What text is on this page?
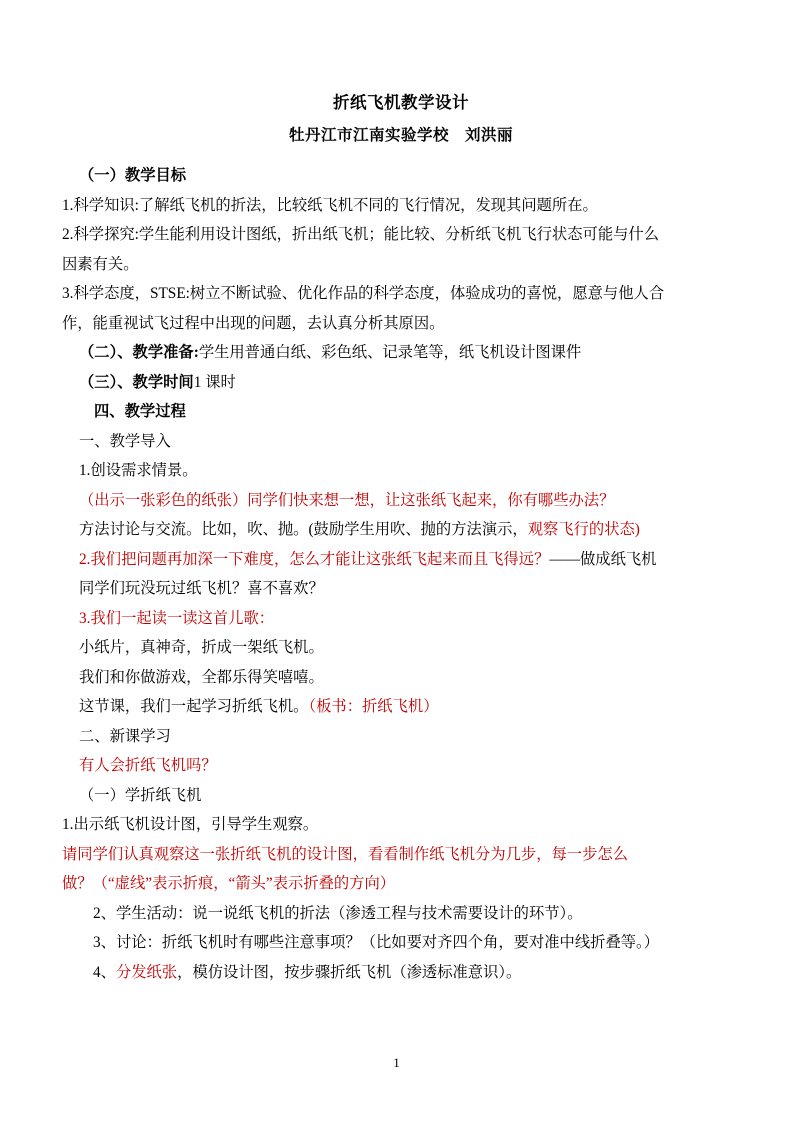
折纸飞机教学设计
牡丹江市江南实验学校　刘洪丽

（一）教学目标

1.科学知识:了解纸飞机的折法，比较纸飞机不同的飞行情况，发现其问题所在。

2.科学探究:学生能利用设计图纸，折出纸飞机；能比较、分析纸飞机飞行状态可能与什么

因素有关。

3.科学态度，STSE:树立不断试验、优化作品的科学态度，体验成功的喜悦，愿意与他人合

作，能重视试飞过程中出现的问题，去认真分析其原因。

（二）、教学准备:学生用普通白纸、彩色纸、记录笔等，纸飞机设计图课件

（三）、教学时间1 课时

四、教学过程

一、教学导入

1.创设需求情景。

（出示一张彩色的纸张）同学们快来想一想，让这张纸飞起来，你有哪些办法？

方法讨论与交流。比如，吹、抛。(鼓励学生用吹、抛的方法演示，观察飞行的状态)

2.我们把问题再加深一下难度，怎么才能让这张纸飞起来而且飞得远？——做成纸飞机

同学们玩没玩过纸飞机？喜不喜欢？

3.我们一起读一读这首儿歌：

小纸片，真神奇，折成一架纸飞机。

我们和你做游戏，全都乐得笑嘻嘻。

这节课，我们一起学习折纸飞机。（板书：折纸飞机）

二、新课学习

有人会折纸飞机吗？

（一）学折纸飞机

1.出示纸飞机设计图，引导学生观察。

请同学们认真观察这一张折纸飞机的设计图，看看制作纸飞机分为几步，每一步怎么

做？（“虚线”表示折痕，“箭头”表示折叠的方向）

2、学生活动：说一说纸飞机的折法（渗透工程与技术需要设计的环节）。

3、讨论：折纸飞机时有哪些注意事项？（比如要对齐四个角，要对准中线折叠等。）

4、分发纸张，模仿设计图，按步骤折纸飞机（渗透标准意识）。

1
